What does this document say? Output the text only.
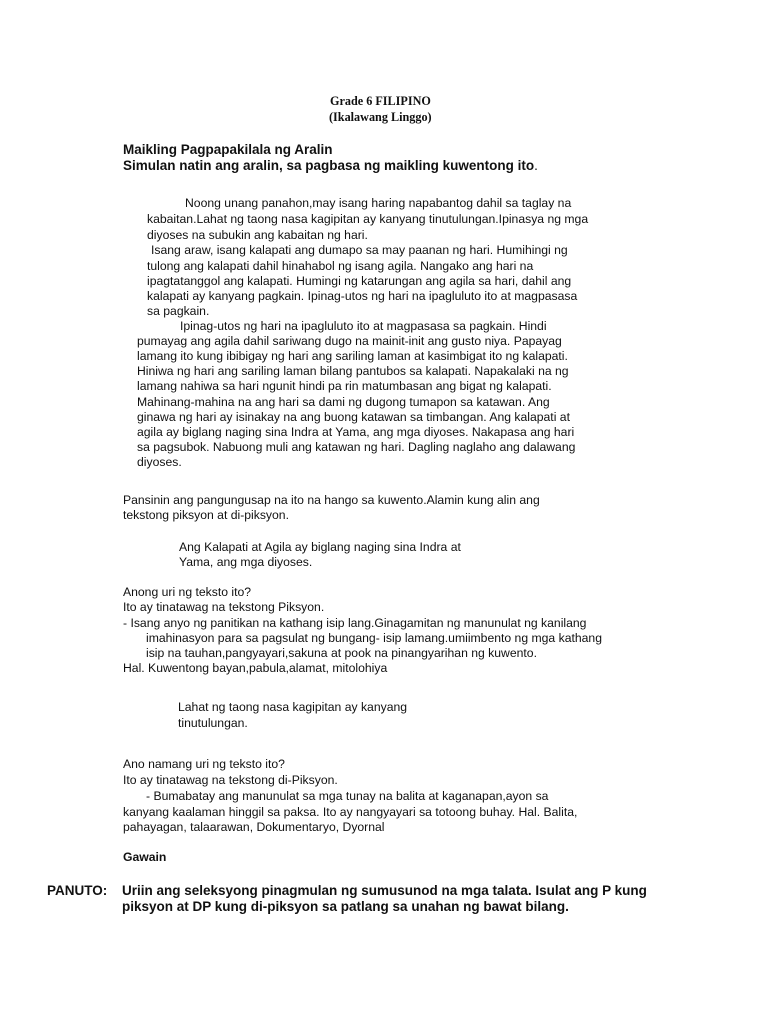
Grade 6 FILIPINO
(Ikalawang Linggo)
Maikling Pagpapakilala ng Aralin
Simulan natin ang aralin, sa pagbasa ng maikling kuwentong ito.
Noong unang panahon,may isang haring napabantog dahil sa taglay na
kabaitan.Lahat ng taong nasa kagipitan ay kanyang tinutulungan.Ipinasya ng mga
diyoses na subukin ang kabaitan ng hari.
Isang araw, isang kalapati ang dumapo sa may paanan ng hari. Humihingi ng
tulong ang kalapati dahil hinahabol ng isang agila. Nangako ang hari na
ipagtatanggol ang kalapati. Humingi ng katarungan ang agila sa hari, dahil ang
kalapati ay kanyang pagkain. Ipinag-utos ng hari na ipagluluto ito at magpasasa
sa pagkain.
Ipinag-utos ng hari na ipagluluto ito at magpasasa sa pagkain. Hindi
pumayag ang agila dahil sariwang dugo na mainit-init ang gusto niya. Papayag
lamang ito kung ibibigay ng hari ang sariling laman at kasimbigat ito ng kalapati.
Hiniwa ng hari ang sariling laman bilang pantubos sa kalapati. Napakalaki na ng
lamang nahiwa sa hari ngunit hindi pa rin matumbasan ang bigat ng kalapati.
Mahinang-mahina na ang hari sa dami ng dugong tumapon sa katawan. Ang
ginawa ng hari ay isinakay na ang buong katawan sa timbangan. Ang kalapati at
agila ay biglang naging sina Indra at Yama, ang mga diyoses. Nakapasa ang hari
sa pagsubok. Nabuong muli ang katawan ng hari. Dagling naglaho ang dalawang
diyoses.
Pansinin ang pangungusap na ito na hango sa kuwento.Alamin kung alin ang
tekstong piksyon at di-piksyon.
Ang Kalapati at Agila ay biglang naging sina Indra at
Yama, ang mga diyoses.
Anong uri ng teksto ito?
Ito ay tinatawag na tekstong Piksyon.
- Isang anyo ng panitikan na kathang isip lang.Ginagamitan ng manunulat ng kanilang
imahinasyon para sa pagsulat ng bungang- isip lamang.umiimbento ng mga kathang
isip na tauhan,pangyayari,sakuna at pook na pinangyarihan ng kuwento.
Hal. Kuwentong bayan,pabula,alamat, mitolohiya
Lahat ng taong nasa kagipitan ay kanyang
tinutulungan.
Ano namang uri ng teksto ito?
Ito ay tinatawag na tekstong di-Piksyon.
- Bumabatay ang manunulat sa mga tunay na balita at kaganapan,ayon sa
kanyang kaalaman hinggil sa paksa. Ito ay nangyayari sa totoong buhay. Hal. Balita,
pahayagan, talaarawan, Dokumentaryo, Dyornal
Gawain
PANUTO: Uriin ang seleksyong pinagmulan ng sumusunod na mga talata. Isulat ang P kung
piksyon at DP kung di-piksyon sa patlang sa unahan ng bawat bilang.
